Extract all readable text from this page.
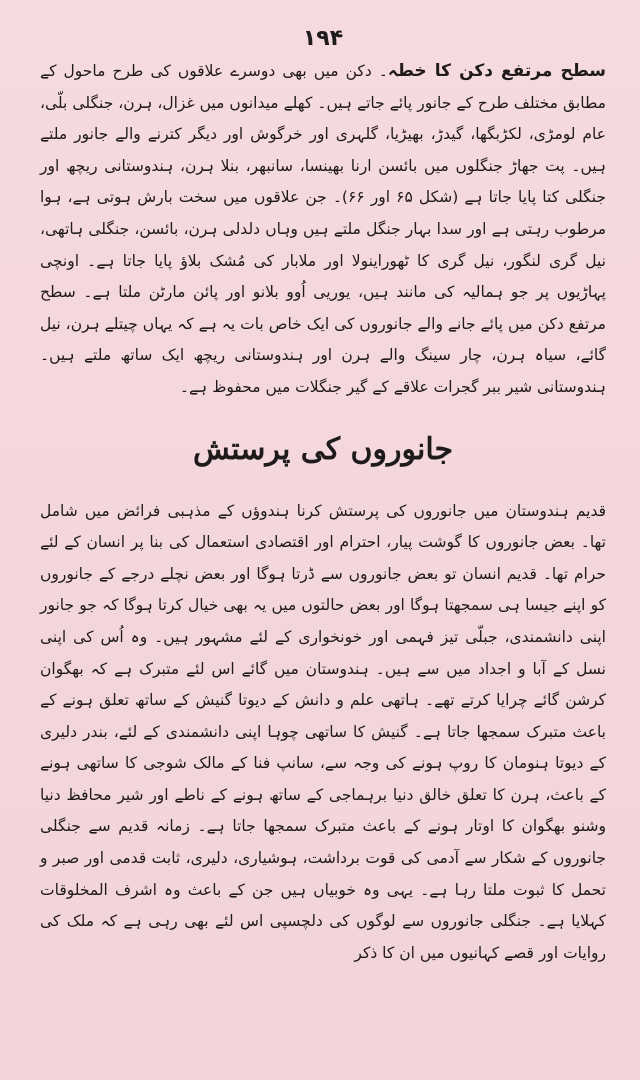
۱۹۴

سطح مرتفع دکن کا خطہ۔ دکن میں بھی دوسرے علاقوں کی طرح ماحول کے مطابق مختلف طرح کے جانور پائے جاتے ہیں۔ کھلے میدانوں میں غزال، ہرن، جنگلی بلّی، عام لومڑی، لکڑبگھا، گیدڑ، بھیڑیا، گلہری اور خرگوش اور دیگر کترنے والے جانور ملتے ہیں۔ پت جھاڑ جنگلوں میں بائسن ارنا بھینسا، سانبھر، بنلا ہرن، ہندوستانی ریچھ اور جنگلی کتا پایا جاتا ہے (شکل ۶۵ اور ۶۶)۔ جن علاقوں میں سخت بارش ہوتی ہے، ہوا مرطوب رہتی ہے اور سدا بہار جنگل ملتے ہیں وہاں دلدلی ہرن، بائسن، جنگلی ہاتھی، نیل گری لنگور، نیل گری کا ٹھوراینولا اور ملابار کی مُشک بلاؤ پایا جاتا ہے۔ اونچی پہاڑیوں پر جو ہمالیہ کی مانند ہیں، یوریی اُوو بلانو اور پائن مارٹن ملتا ہے۔ سطح مرتفع دکن میں پائے جانے والے جانوروں کی ایک خاص بات یہ ہے کہ یہاں چیتلے ہرن، نیل گائے، سیاہ ہرن، چار سینگ والے ہرن اور ہندوستانی ریچھ ایک ساتھ ملتے ہیں۔ ہندوستانی شیر ببر گجرات علاقے کے گیر جنگلات میں محفوظ ہے۔

جانوروں کی پرستش

قدیم ہندوستان میں جانوروں کی پرستش کرنا ہندوؤں کے مذہبی فرائض میں شامل تھا۔ بعض جانوروں کا گوشت پیار، احترام اور اقتصادی استعمال کی بنا پر انسان کے لئے حرام تھا۔ قدیم انسان تو بعض جانوروں سے ڈرتا ہوگا اور بعض نچلے درجے کے جانوروں کو اپنے جیسا ہی سمجھتا ہوگا اور بعض حالتوں میں یہ بھی خیال کرتا ہوگا کہ جو جانور اپنی دانشمندی، جبلّی تیز فہمی اور خونخواری کے لئے مشہور ہیں۔ وہ اُس کی اپنی نسل کے آبا و اجداد میں سے ہیں۔ ہندوستان میں گائے اس لئے متبرک ہے کہ بھگوان کرشن گائے چرایا کرتے تھے۔ ہاتھی علم و دانش کے دیوتا گنیش کے ساتھ تعلق ہونے کے باعث متبرک سمجھا جاتا ہے۔ گنیش کا ساتھی چوہا اپنی دانشمندی کے لئے، بندر دلیری کے دیوتا ہنومان کا روپ ہونے کی وجہ سے، سانپ فنا کے مالک شوجی کا ساتھی ہونے کے باعث، ہرن کا تعلق خالق دنیا برہماجی کے ساتھ ہونے کے ناطے اور شیر محافظ دنیا وشنو بھگوان کا اوتار ہونے کے باعث متبرک سمجھا جاتا ہے۔ زمانہ قدیم سے جنگلی جانوروں کے شکار سے آدمی کی قوت برداشت، ہوشیاری، دلیری، ثابت قدمی اور صبر و تحمل کا ثبوت ملتا رہا ہے۔ یہی وہ خوبیاں ہیں جن کے باعث وہ اشرف المخلوقات کہلایا ہے۔ جنگلی جانوروں سے لوگوں کی دلچسپی اس لئے بھی رہی ہے کہ ملک کی روایات اور قصے کہانیوں میں ان کا ذکر
